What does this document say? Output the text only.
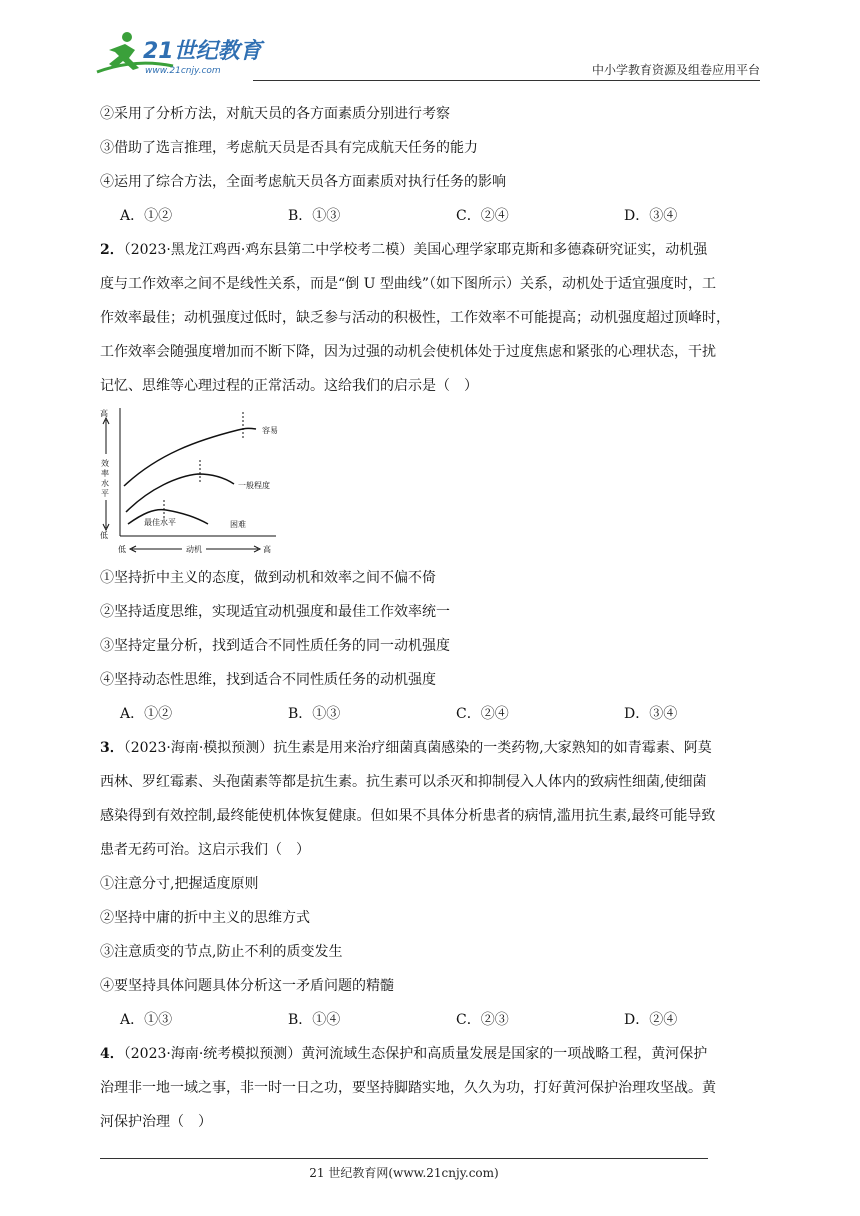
21世纪教育
www.21cnjy.com	中小学教育资源及组卷应用平台
②采用了分析方法，对航天员的各方面素质分别进行考察
③借助了选言推理，考虑航天员是否具有完成航天任务的能力
④运用了综合方法，全面考虑航天员各方面素质对执行任务的影响
A．①②	B．①③	C．②④	D．③④
2．（2023·黑龙江鸡西·鸡东县第二中学校考二模）美国心理学家耶克斯和多德森研究证实，动机强
度与工作效率之间不是线性关系，而是“倒 U 型曲线”（如下图所示）关系，动机处于适宜强度时，工
作效率最佳；动机强度过低时，缺乏参与活动的积极性，工作效率不可能提高；动机强度超过顶峰时，
工作效率会随强度增加而不断下降，因为过强的动机会使机体处于过度焦虑和紧张的心理状态，干扰
记忆、思维等心理过程的正常活动。这给我们的启示是（　）
高
效
率
水
平
低
低	动机	高
容易
一般程度
困难
最佳水平
①坚持折中主义的态度，做到动机和效率之间不偏不倚
②坚持适度思维，实现适宜动机强度和最佳工作效率统一
③坚持定量分析，找到适合不同性质任务的同一动机强度
④坚持动态性思维，找到适合不同性质任务的动机强度
A．①②	B．①③	C．②④	D．③④
3．（2023·海南·模拟预测）抗生素是用来治疗细菌真菌感染的一类药物,大家熟知的如青霉素、阿莫
西林、罗红霉素、头孢菌素等都是抗生素。抗生素可以杀灭和抑制侵入人体内的致病性细菌,使细菌
感染得到有效控制,最终能使机体恢复健康。但如果不具体分析患者的病情,滥用抗生素,最终可能导致
患者无药可治。这启示我们（　）
①注意分寸,把握适度原则
②坚持中庸的折中主义的思维方式
③注意质变的节点,防止不利的质变发生
④要坚持具体问题具体分析这一矛盾问题的精髓
A．①③	B．①④	C．②③	D．②④
4．（2023·海南·统考模拟预测）黄河流域生态保护和高质量发展是国家的一项战略工程，黄河保护
治理非一地一域之事，非一时一日之功，要坚持脚踏实地，久久为功，打好黄河保护治理攻坚战。黄
河保护治理（　）
21 世纪教育网(www.21cnjy.com)
